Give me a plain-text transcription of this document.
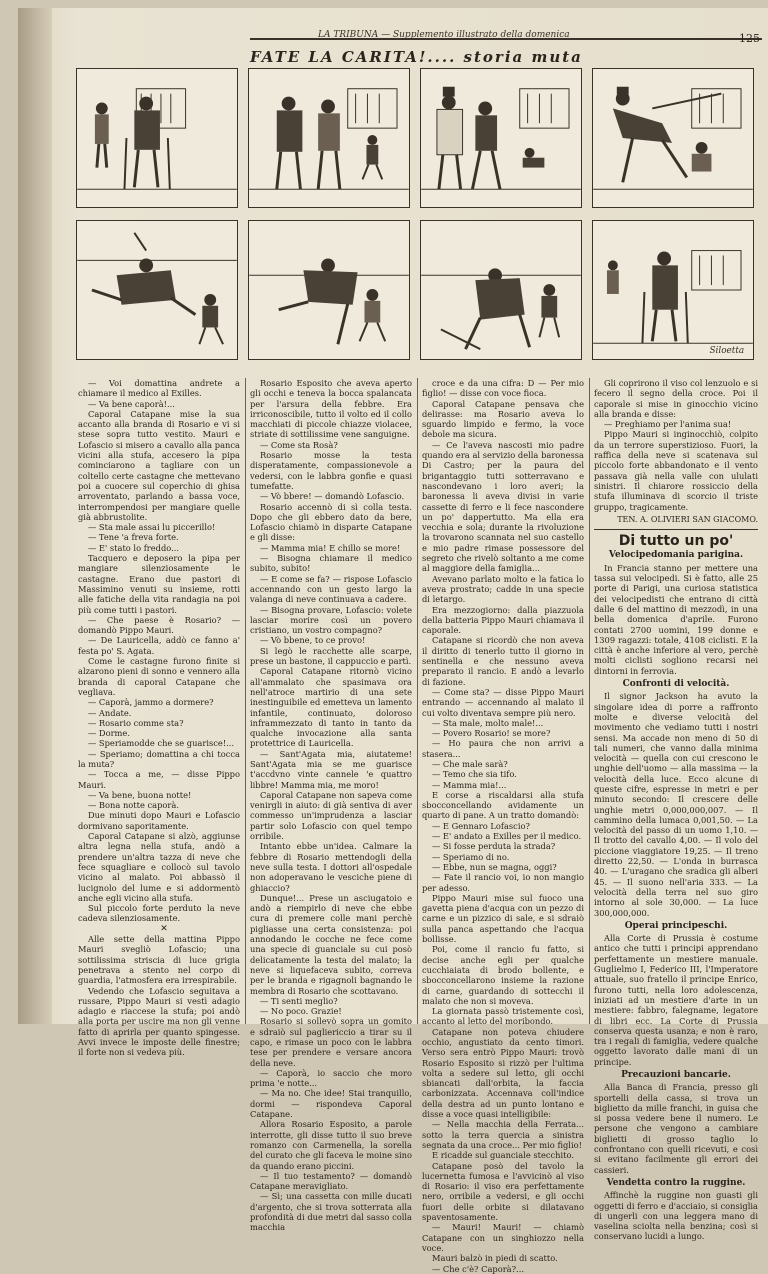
LA TRIBUNA — Supplemento illustrato della domenica	125
FATE LA CARITA!.... storia muta
Siloetta

— Voi domattina andrete a chiamare il medico al Exilles.

— Va bene caporà!...

Caporal Catapane mise la sua accanto alla branda di Rosario e vi si stese sopra tutto vestito. Mauri e Lofascio si misero a cavallo alla panca vicini alla stufa, accesero la pipa cominciarono a tagliare con un coltello certe castagne che mettevano poi a cuocere sul coperchio di ghisa arroventato, parlando a bassa voce, interrompendosi per mangiare quelle già abbrustolite.

— Sta male assai lu piccerillo!

— Tene 'a freva forte.

— E' stato lo freddo...

Tacquero e deposero la pipa per mangiare silenziosamente le castagne. Erano due pastori di Massimino venuti su insieme, rotti alle fatiche della vita randagia na poi più come tutti i pastori.

— Che paese è Rosario? — domandò Pippo Mauri.

— De Lauricella, addò ce fanno a' festa po' S. Agata.

Come le castagne furono finite si alzarono pieni di sonno e vennero alla branda di caporal Catapane che vegliava.

— Caporà, jammo a dormere?

— Andate.

— Rosario comme sta?

— Dorme.

— Speriamodde che se guarisce!...

— Speriamo; domattina a chi tocca la muta?

— Tocca a me, — disse Pippo Mauri.

— Va bene, buona notte!

— Bona notte caporà.

Due minuti dopo Mauri e Lofascio dormivano saporitamente.

Caporal Catapane si alzò, aggiunse altra legna nella stufa, andò a prendere un'altra tazza di neve che fece squagliare e collocò sul tavolo vicino al malato. Poi abbassò il lucignolo del lume e si addormentò anche egli vicino alla stufa.

Sul piccolo forte perduto la neve cadeva silenziosamente.

✕

Alle sette della mattina Pippo Mauri svegliò Lofascio; una sottilissima striscia di luce grigia penetrava a stento nel corpo di guardia, l'atmosfera era irrespirabile.

Vedendo che Lofascio seguitava a russare, Pippo Mauri si vestì adagio adagio e riaccese la stufa; poi andò alla porta per uscire ma non gli venne fatto di aprirla per quanto spingesse. Avvi invece le imposte delle finestre; il forte non si vedeva più.

Rosario Esposito che aveva aperto gli occhi e teneva la bocca spalancata per l'arsura della febbre. Era irriconoscibile, tutto il volto ed il collo macchiati di piccole chiazze violacee, striate di sottilissime vene sanguigne.

— Come sta Rosà?

Rosario mosse la testa disperatamente, compassionevole a vedersi, con le labbra gonfie e quasi tumefatte.

— Vò bbere! — domandò Lofascio.

Rosario accennò di sì colla testa. Dopo che gli ebbero dato da bere, Lofascio chiamò in disparte Catapane e gli disse:

— Mamma mia! E chillo se more!

— Bisogna chiamare il medico subito, subito!

— E come se fa? — rispose Lofascio accennando con un gesto largo la valanga di neve continuava a cadere.

— Bisogna provare, Lofascio: volete lasciar morire così un povero cristiano, un vostro compagno?

— Vò bbene, to ce provo!

Si legò le racchette alle scarpe, prese un bastone, il cappuccio e partì.

Caporal Catapane ritornò vicino all'ammalato che spasimava ora nell'atroce martirio di una sete inestinguibile ed emetteva un lamento infantile, continuato, doloroso inframmezzato di tanto in tanto da qualche invocazione alla santa protettrice di Lauricella.

— Sant'Agata mia, aiutateme! Sant'Agata mia se me guarisce t'accdvno vinte cannele 'e quattro libbre! Mamma mia, me moro!

Caporal Catapane non sapeva come venirgli in aiuto: di già sentiva di aver commesso un'imprudenza a lasciar partir solo Lofascio con quel tempo orribile.

Intanto ebbe un'idea. Calmare la febbre di Rosario mettendogli della neve sulla testa. I dottori all'ospedale non adoperavano le vesciche piene di ghiaccio?

Dunque!... Prese un asciugatoio e andò a riempirlo di neve che ebbe cura di premere colle mani perchè pigliasse una certa consistenza: poi annodando le cocche ne fece come una specie di guanciale su cui posò delicatamente la testa del malato; la neve si liquefaceva subito, correva per le branda e rigagnoli bagnando le membra di Rosario che scottavano.

— Ti senti meglio?

— No poco. Grazie!

Rosario si sollevò sopra un gomito e sdraiò sul pagliericcio a tirar su il capo, e rimase un poco con le labbra tese per prendere e versare ancora della neve.

— Caporà, io saccio che moro prima 'e notte...

— Ma no. Che idee! Stai tranquillo, dormi — rispondeva Caporal Catapane.

Allora Rosario Esposito, a parole interrotte, gli disse tutto il suo breve romanzo con Carmenella, la sorella del curato che gli faceva le moine sino da quando erano piccini.

— Il tuo testamento? — domandò Catapane meravigliato.

— Sì; una cassetta con mille ducati d'argento, che si trova sotterrata alla profondità di due metri dal sasso colla macchia

croce e da una cifra: D — Per mio figlio! — disse con voce fioca.

Caporal Catapane pensava che delirasse: ma Rosario aveva lo sguardo limpido e fermo, la voce debole ma sicura.

— Ce l'aveva nascosti mio padre quando era al servizio della baronessa Di Castro; per la paura del brigantaggio tutti sotterravano e nascondevano i loro averi; la baronessa li aveva divisi in varie cassette di ferro e li fece nascondere un po' dappertutto. Ma ella era vecchia e sola; durante la rivoluzione la trovarono scannata nel suo castello e mio padre rimase possessore del segreto che rivelò soltanto a me come al maggiore della famiglia...

Avevano parlato molto e la fatica lo aveva prostrato; cadde in una specie di letargo.

Era mezzogiorno: dalla piazzuola della batteria Pippo Mauri chiamava il caporale.

Catapane si ricordò che non aveva il diritto di tenerlo tutto il giorno in sentinella e che nessuno aveva preparato il rancio. E andò a levarlo di fazione.

— Come sta? — disse Pippo Mauri entrando — accennando al malato il cui volto diventava sempre più nero.

— Sta male, molto male!...

— Povero Rosario! se more?

— Ho paura che non arrivi a stasera...

— Che male sarà?

— Temo che sia tifo.

— Mamma mia!...

E corse a riscaldarsi alla stufa sbocconcellando avidamente un quarto di pane. A un tratto domandò:

— E Gennaro Lofascio?

— E' andato a Exilles per il medico.

— Si fosse perduta la strada?

— Speriamo di no.

— Ebbe, nun se magna, oggi?

— Fate il rancio voi, io non mangio per adesso.

Pippo Mauri mise sul fuoco una gavetta piena d'acqua con un pezzo di carne e un pizzico di sale, e si sdraiò sulla panca aspettando che l'acqua bollisse.

Poi, come il rancio fu fatto, si decise anche egli per qualche cucchiaiata di brodo bollente, e sbocconcellarono insieme la razione di carne, guardando di sottecchi il malato che non si moveva.

La giornata passò tristemente così, accanto al letto del moribondo.

Catapane non poteva chiudere occhio, angustiato da cento timori. Verso sera entrò Pippo Mauri: trovò Rosario Esposito si rizzò per l'ultima volta a sedere sul letto, gli occhi sbiancati dall'orbita, la faccia carbonizzata. Accennava coll'indice della destra ad un punto lontano e disse a voce quasi intelligibile:

— Nella macchia della Ferrata... sotto la terra quercia a sinistra segnata da una croce... Per mio figlio!

E ricadde sul guanciale stecchito.

Catapane posò del tavolo la lucernetta fumosa e l'avvicinò al viso di Rosario: il viso era perfettamente nero, orribile a vedersi, e gli occhi fuori delle orbite si dilatavano spaventosamente.

— Mauri! Mauri! — chiamò Catapane con un singhiozzo nella voce.

Mauri balzò in piedi di scatto.

— Che c'è? Caporà?...

Gli coprirono il viso col lenzuolo e si fecero il segno della croce. Poi il caporale si mise in ginocchio vicino alla branda e disse:

— Preghiamo per l'anima sua!

Pippo Mauri si inginocchiò, colpito da un terrore superstizioso. Fuori, la raffica della neve si scatenava sul piccolo forte abbandonato e il vento passava già nella valle con ululati sinistri. Il chiarore rossiccio della stufa illuminava di scorcio il triste gruppo, tragicamente.

TEN. A. OLIVIERI SAN GIACOMO.
Di tutto un po'
Velocipedomania parigina.

In Francia stanno per mettere una tassa sui velocipedi. Si è fatto, alle 25 porte di Parigi, una curiosa statistica dei velocipedisti che entrano di città dalle 6 del mattino di mezzodì, in una bella domenica d'aprile. Furono contati 2700 uomini, 199 donne e 1309 ragazzi: totale, 4108 ciclisti. E la città è anche inferiore al vero, perchè molti ciclisti sogliono recarsi nei dintorni in ferrovia.

Confronti di velocità.

Il signor Jackson ha avuto la singolare idea di porre a raffronto molte e diverse velocità del movimento che vediamo tutti i nostri sensi. Ma accade non meno di 50 di tali numeri, che vanno dalla minima velocità — quella con cui crescono le unghie dell'uomo — alla massima — la velocità della luce. Ecco alcune di queste cifre, espresse in metri e per minuto secondo: Il crescere delle unghie metri 0,000,000,007. — Il cammino della lumaca 0,001,50. — La velocità del passo di un uomo 1,10. — Il trotto del cavallo 4,00. — Il volo del piccione viaggiatore 19,25. — Il treno diretto 22,50. — L'onda in burrasca 40. — L'uragano che sradica gli alberi 45. — Il suono nell'aria 333. — La velocità della terra nel suo giro intorno al sole 30,000. — La luce 300,000,000.

Operai principeschi.

Alla Corte di Prussia è costume antico che tutti i principi apprendano perfettamente un mestiere manuale. Guglielmo I, Federico III, l'Imperatore attuale, suo fratello il principe Enrico, furono tutti, nella loro adolescenza, iniziati ad un mestiere d'arte in un mestiere: fabbro, falegname, legatore di libri ecc. La Corte di Prussia conserva questa usanza; e non è raro, tra i regali di famiglia, vedere qualche oggetto lavorato dalle mani di un principe.

Precauzioni bancarie.

Alla Banca di Francia, presso gli sportelli della cassa, si trova un biglietto da mille franchi, in guisa che si possa vedere bene il numero. Le persone che vengono a cambiare biglietti di grosso taglio lo confrontano con quelli ricevuti, e così si evitano facilmente gli errori dei cassieri.

Vendetta contro la ruggine.

Affinchè la ruggine non guasti gli oggetti di ferro e d'acciaio, si consiglia di ungerli con una leggera mano di vaselina sciolta nella benzina; così si conservano lucidi a lungo.
